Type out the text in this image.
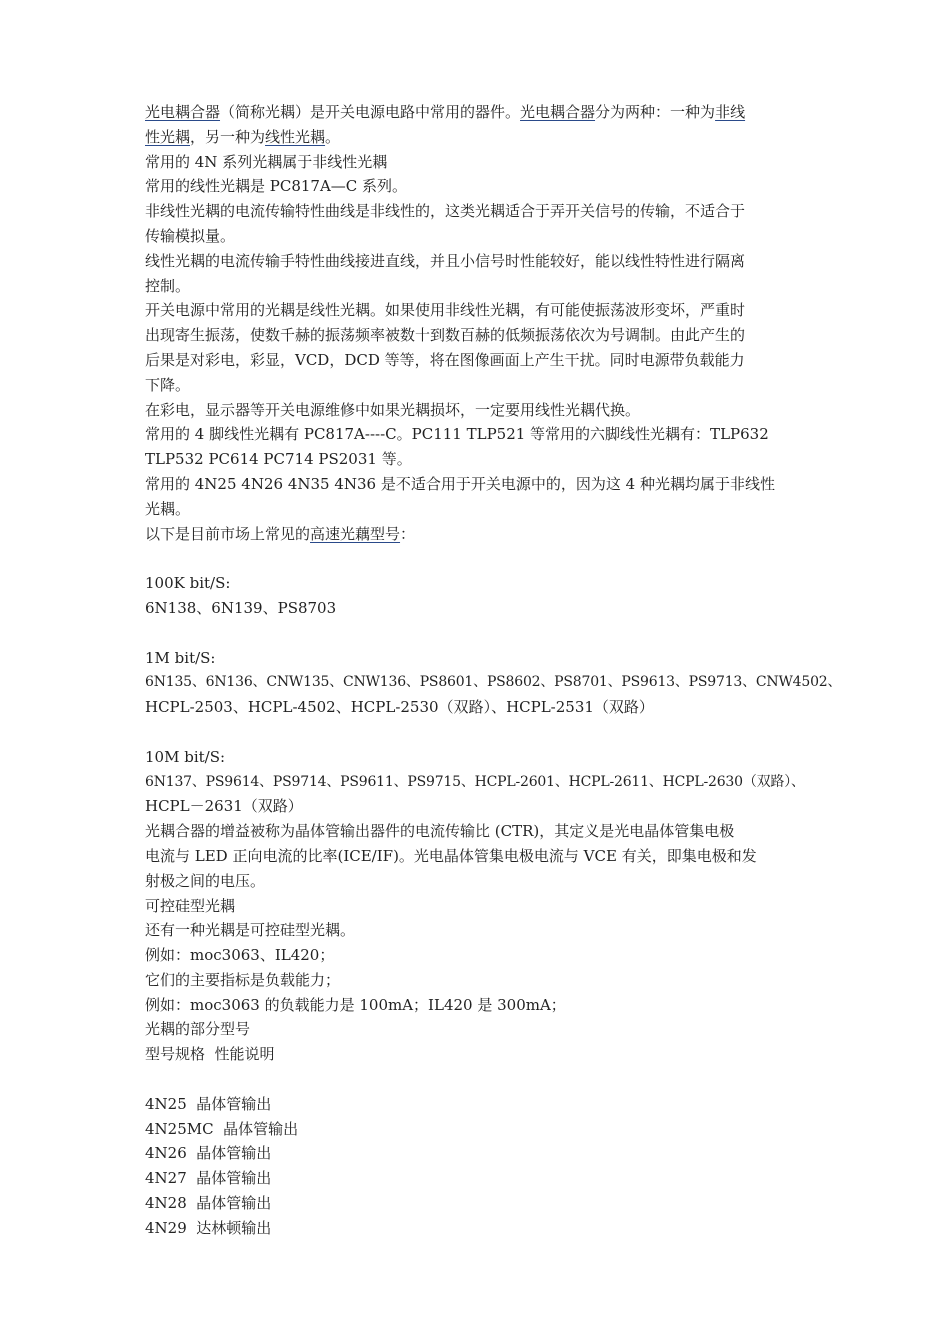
光电耦合器（简称光耦）是开关电源电路中常用的器件。光电耦合器分为两种：一种为非线
性光耦，另一种为线性光耦。
常用的 4N 系列光耦属于非线性光耦
常用的线性光耦是 PC817A—C 系列。
非线性光耦的电流传输特性曲线是非线性的，这类光耦适合于弄开关信号的传输，不适合于
传输模拟量。
线性光耦的电流传输手特性曲线接进直线，并且小信号时性能较好，能以线性特性进行隔离
控制。
开关电源中常用的光耦是线性光耦。如果使用非线性光耦，有可能使振荡波形变坏，严重时
出现寄生振荡，使数千赫的振荡频率被数十到数百赫的低频振荡依次为号调制。由此产生的
后果是对彩电，彩显，VCD，DCD 等等，将在图像画面上产生干扰。同时电源带负载能力
下降。
在彩电，显示器等开关电源维修中如果光耦损坏，一定要用线性光耦代换。
常用的 4 脚线性光耦有 PC817A----C。PC111 TLP521 等常用的六脚线性光耦有：TLP632
TLP532 PC614 PC714 PS2031 等。
常用的 4N25 4N26 4N35 4N36 是不适合用于开关电源中的，因为这 4 种光耦均属于非线性
光耦。
以下是目前市场上常见的高速光藕型号：
100K bit/S:
6N138、6N139、PS8703
1M bit/S:
6N135、6N136、CNW135、CNW136、PS8601、PS8602、PS8701、PS9613、PS9713、CNW4502、
HCPL-2503、HCPL-4502、HCPL-2530（双路）、HCPL-2531（双路）
10M bit/S:
6N137、PS9614、PS9714、PS9611、PS9715、HCPL-2601、HCPL-2611、HCPL-2630（双路）、
HCPL－2631（双路）
光耦合器的增益被称为晶体管输出器件的电流传输比 (CTR)，其定义是光电晶体管集电极
电流与 LED 正向电流的比率(ICE/IF)。光电晶体管集电极电流与 VCE 有关，即集电极和发
射极之间的电压。
可控硅型光耦
还有一种光耦是可控硅型光耦。
例如：moc3063、IL420；
它们的主要指标是负载能力；
例如：moc3063 的负载能力是 100mA；IL420 是 300mA；
光耦的部分型号
型号规格  性能说明
4N25  晶体管输出
4N25MC  晶体管输出
4N26  晶体管输出
4N27  晶体管输出
4N28  晶体管输出
4N29  达林顿输出
